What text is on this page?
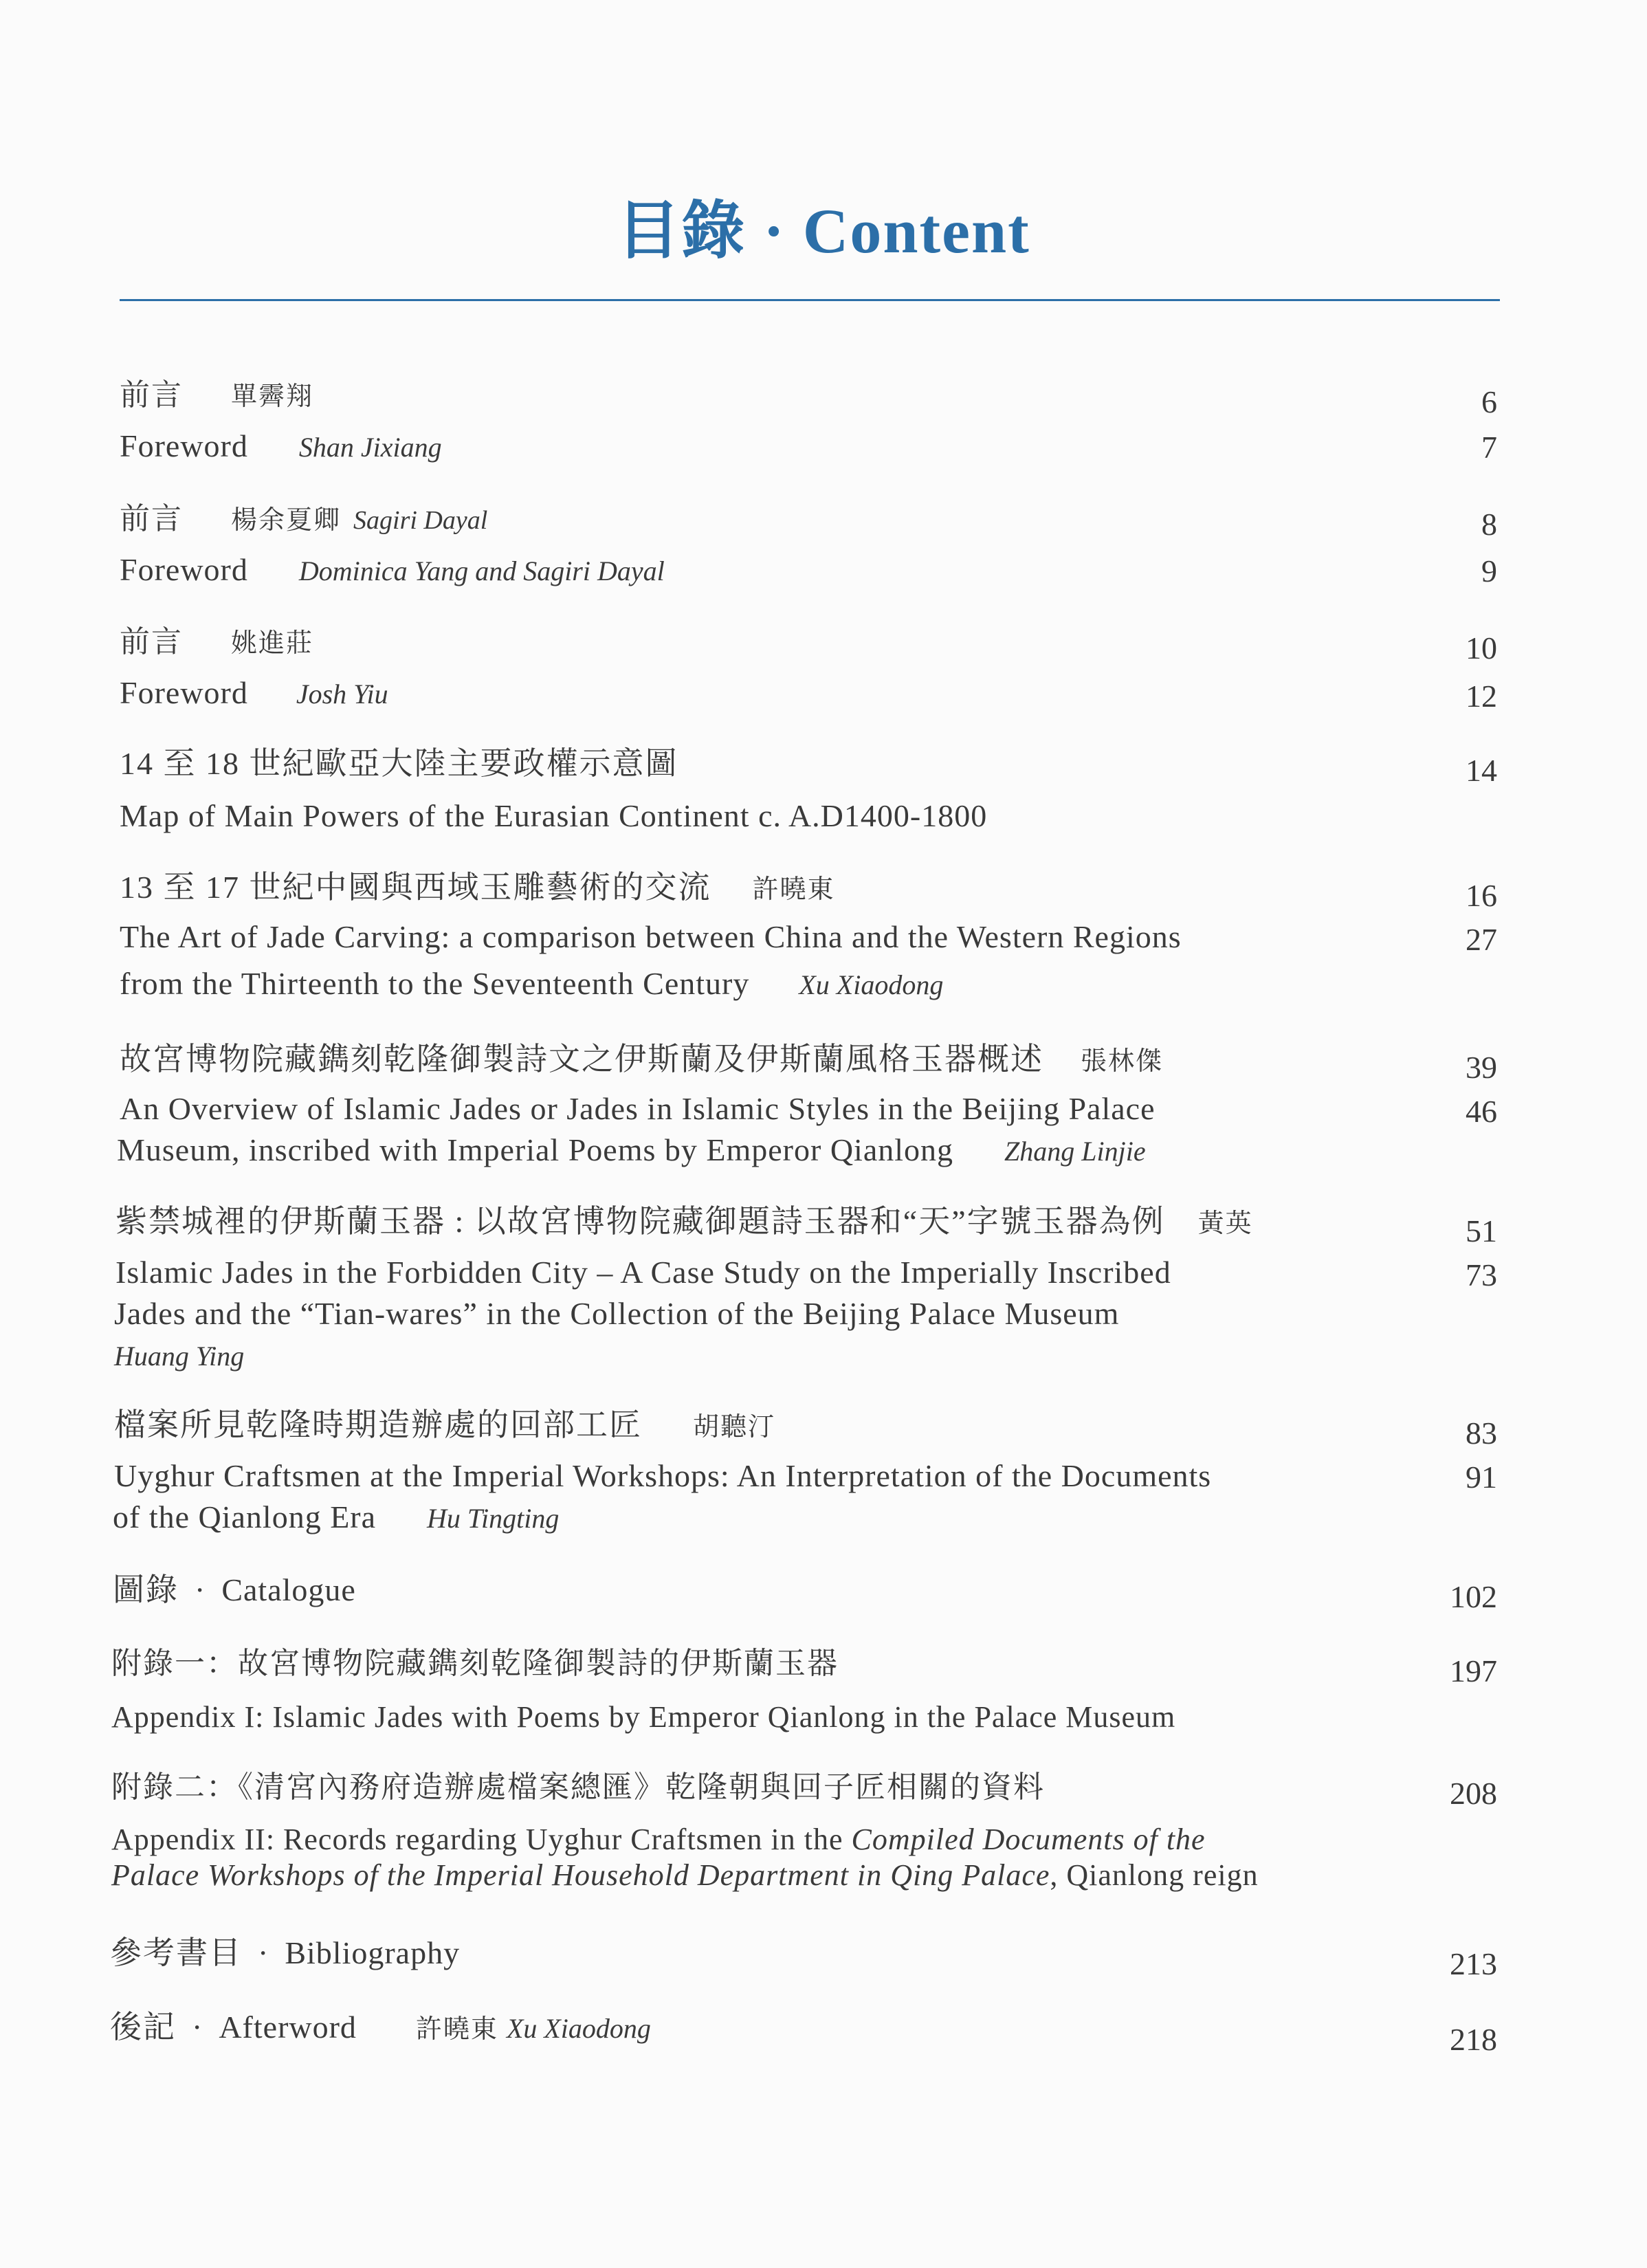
目錄 · Content
前言 單霽翔	6
Foreword Shan Jixiang	7
前言 楊余夏卿 Sagiri Dayal	8
Foreword Dominica Yang and Sagiri Dayal	9
前言 姚進莊	10
Foreword Josh Yiu	12
14 至 18 世紀歐亞大陸主要政權示意圖	14
Map of Main Powers of the Eurasian Continent c. A.D1400-1800
13 至 17 世紀中國與西域玉雕藝術的交流 許曉東	16
The Art of Jade Carving: a comparison between China and the Western Regions	27
from the Thirteenth to the Seventeenth Century Xu Xiaodong
故宮博物院藏鐫刻乾隆御製詩文之伊斯蘭及伊斯蘭風格玉器概述 張林傑	39
An Overview of Islamic Jades or Jades in Islamic Styles in the Beijing Palace	46
Museum, inscribed with Imperial Poems by Emperor Qianlong Zhang Linjie
紫禁城裡的伊斯蘭玉器 : 以故宮博物院藏御題詩玉器和“天”字號玉器為例 黃英	51
Islamic Jades in the Forbidden City – A Case Study on the Imperially Inscribed	73
Jades and the “Tian-wares” in the Collection of the Beijing Palace Museum
Huang Ying
檔案所見乾隆時期造辦處的回部工匠 胡聽汀	83
Uyghur Craftsmen at the Imperial Workshops: An Interpretation of the Documents	91
of the Qianlong Era Hu Tingting
圖錄 · Catalogue	102
附錄一：故宮博物院藏鐫刻乾隆御製詩的伊斯蘭玉器	197
Appendix I: Islamic Jades with Poems by Emperor Qianlong in the Palace Museum
附錄二：《清宮內務府造辦處檔案總匯》乾隆朝與回子匠相關的資料	208
Appendix II: Records regarding Uyghur Craftsmen in the Compiled Documents of the
Palace Workshops of the Imperial Household Department in Qing Palace, Qianlong reign
參考書目 · Bibliography	213
後記 · Afterword 許曉東 Xu Xiaodong	218
